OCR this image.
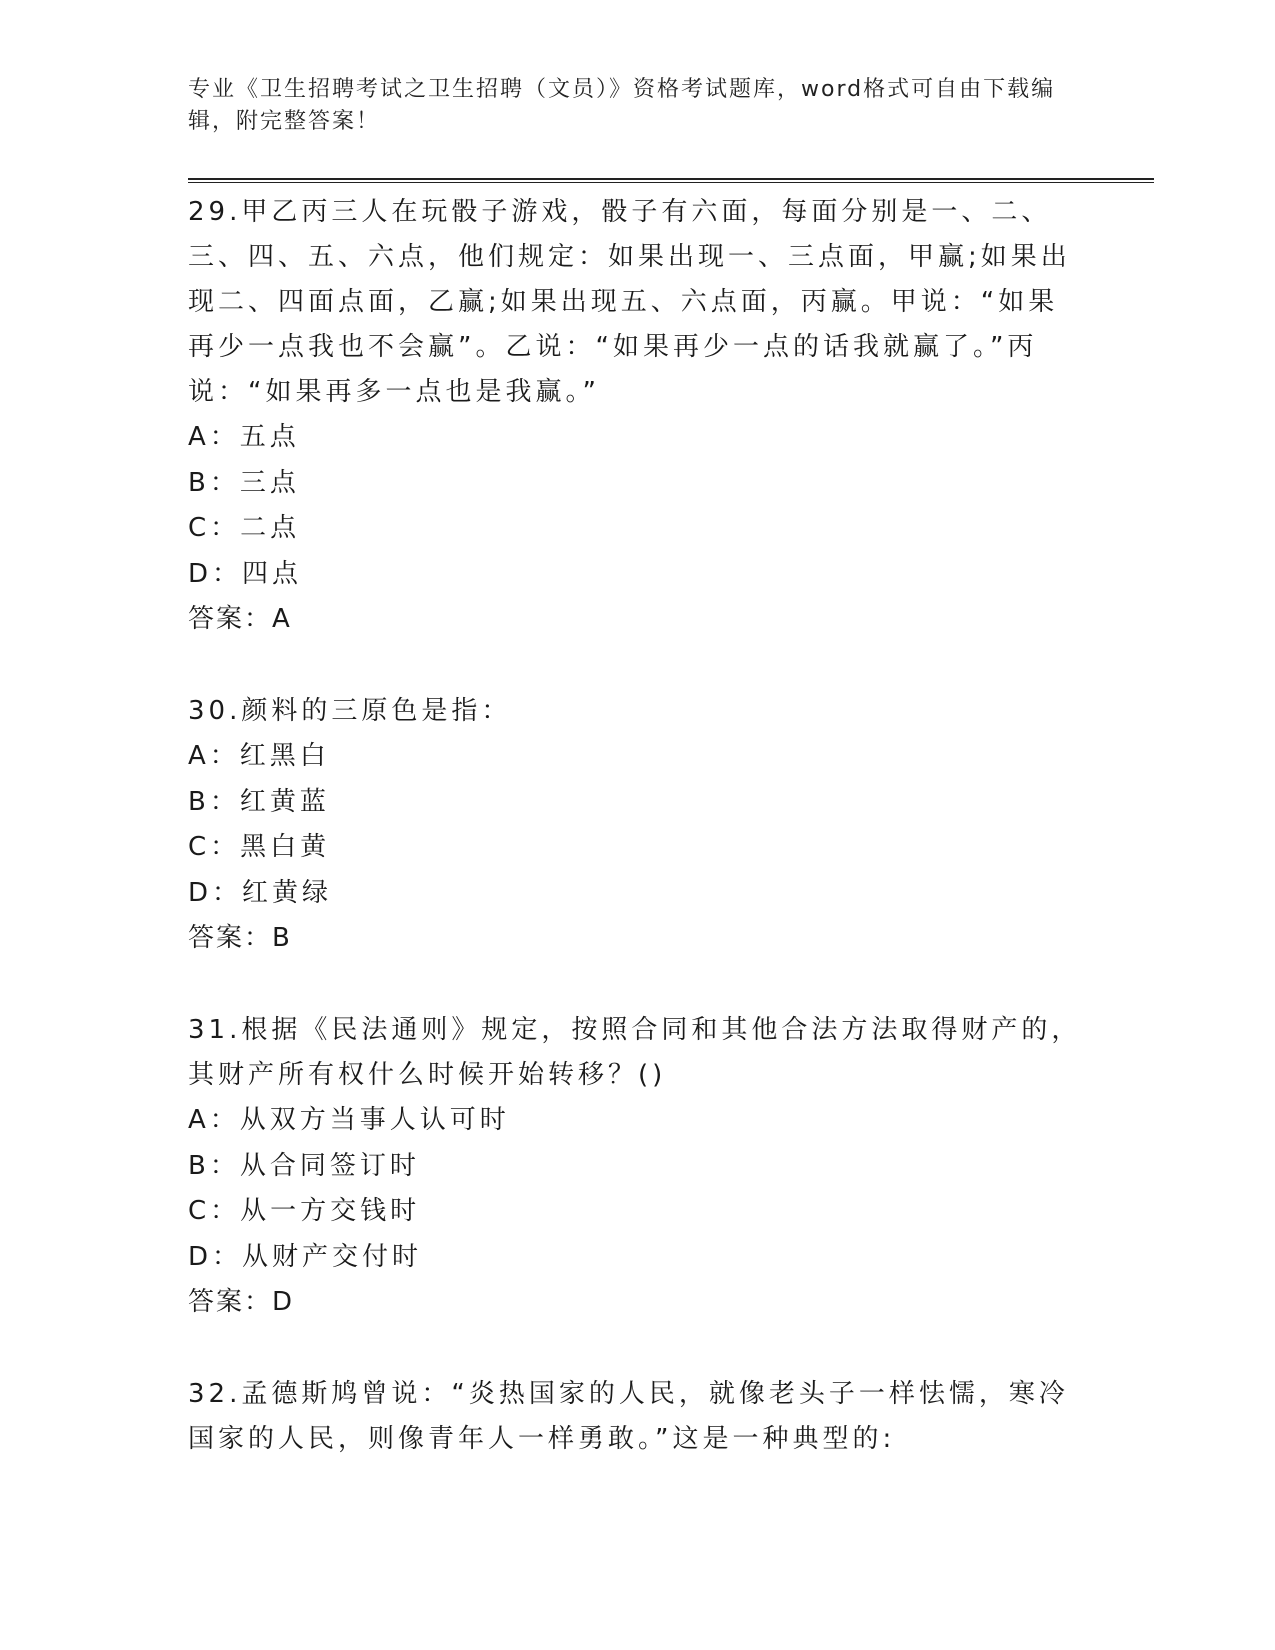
专业《卫生招聘考试之卫生招聘（文员）》资格考试题库，word格式可自由下载编辑，附完整答案！

29.甲乙丙三人在玩骰子游戏，骰子有六面，每面分别是一、二、三、四、五、六点，他们规定：如果出现一、三点面，甲赢;如果出现二、四面点面，乙赢;如果出现五、六点面，丙赢。甲说：“如果再少一点我也不会赢”。乙说：“如果再少一点的话我就赢了。”丙说：“如果再多一点也是我赢。”

A：五点

B：三点

C：二点

D：四点

答案：A

30.颜料的三原色是指：

A：红黑白

B：红黄蓝

C：黑白黄

D：红黄绿

答案：B

31.根据《民法通则》规定，按照合同和其他合法方法取得财产的，其财产所有权什么时候开始转移？()

A：从双方当事人认可时

B：从合同签订时

C：从一方交钱时

D：从财产交付时

答案：D

32.孟德斯鸠曾说：“炎热国家的人民，就像老头子一样怯懦，寒冷国家的人民，则像青年人一样勇敢。”这是一种典型的:
